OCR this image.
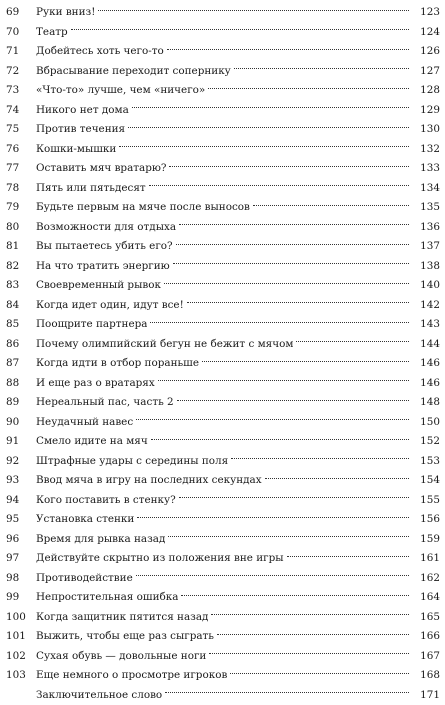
69	Руки вниз!	123
70	Театр	124
71	Добейтесь хоть чего-то	126
72	Вбрасывание переходит сопернику	127
73	«Что-то» лучше, чем «ничего»	128
74	Никого нет дома	129
75	Против течения	130
76	Кошки-мышки	132
77	Оставить мяч вратарю?	133
78	Пять или пятьдесят	134
79	Будьте первым на мяче после выносов	135
80	Возможности для отдыха	136
81	Вы пытаетесь убить его?	137
82	На что тратить энергию	138
83	Своевременный рывок	140
84	Когда идет один, идут все!	142
85	Поощрите партнера	143
86	Почему олимпийский бегун не бежит с мячом	144
87	Когда идти в отбор пораньше	146
88	И еще раз о вратарях	146
89	Нереальный пас, часть 2	148
90	Неудачный навес	150
91	Смело идите на мяч	152
92	Штрафные удары с середины поля	153
93	Ввод мяча в игру на последних секундах	154
94	Кого поставить в стенку?	155
95	Установка стенки	156
96	Время для рывка назад	159
97	Действуйте скрытно из положения вне игры	161
98	Противодействие	162
99	Непростительная ошибка	164
100 Когда защитник пятится назад	165
101 Выжить, чтобы еще раз сыграть	166
102 Сухая обувь — довольные ноги	167
103 Еще немного о просмотре игроков	168
Заключительное слово	171
